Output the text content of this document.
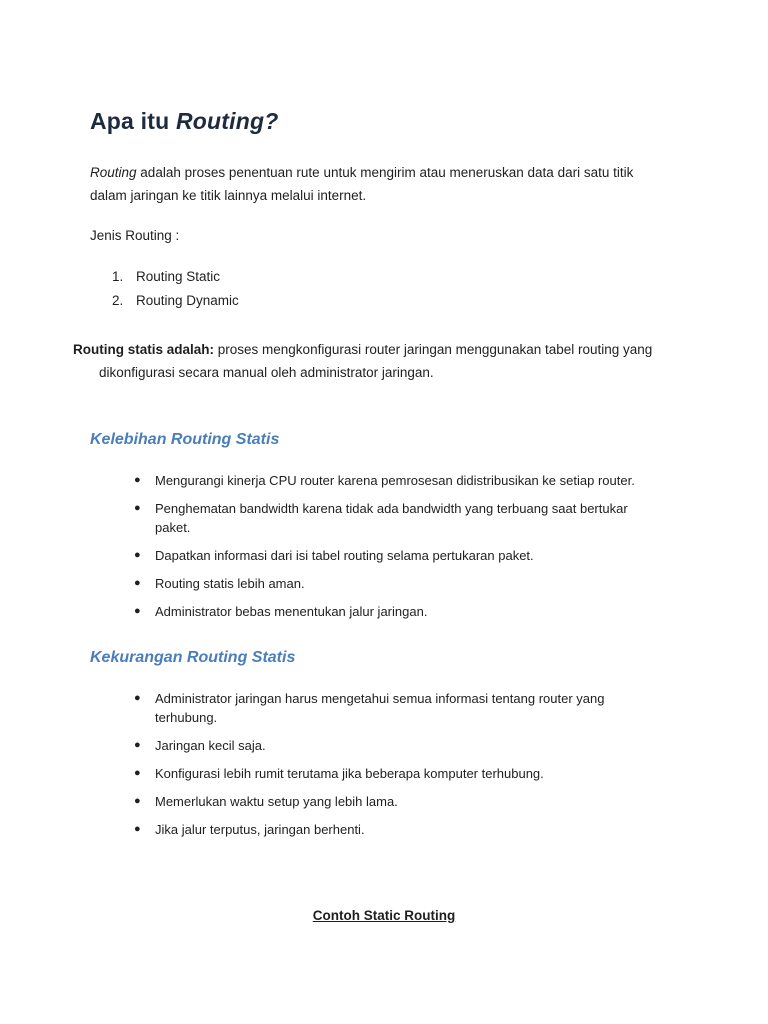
Apa itu Routing?

Routing adalah proses penentuan rute untuk mengirim atau meneruskan data dari satu titik dalam jaringan ke titik lainnya melalui internet.

Jenis Routing :

1. Routing Static
2. Routing Dynamic

Routing statis adalah: proses mengkonfigurasi router jaringan menggunakan tabel routing yang
dikonfigurasi secara manual oleh administrator jaringan.

Kelebihan Routing Statis
● Mengurangi kinerja CPU router karena pemrosesan didistribusikan ke setiap router.
● Penghematan bandwidth karena tidak ada bandwidth yang terbuang saat bertukar paket.
● Dapatkan informasi dari isi tabel routing selama pertukaran paket.
● Routing statis lebih aman.
● Administrator bebas menentukan jalur jaringan.
Kekurangan Routing Statis
● Administrator jaringan harus mengetahui semua informasi tentang router yang terhubung.
● Jaringan kecil saja.
● Konfigurasi lebih rumit terutama jika beberapa komputer terhubung.
● Memerlukan waktu setup yang lebih lama.
● Jika jalur terputus, jaringan berhenti.

Contoh Static Routing
